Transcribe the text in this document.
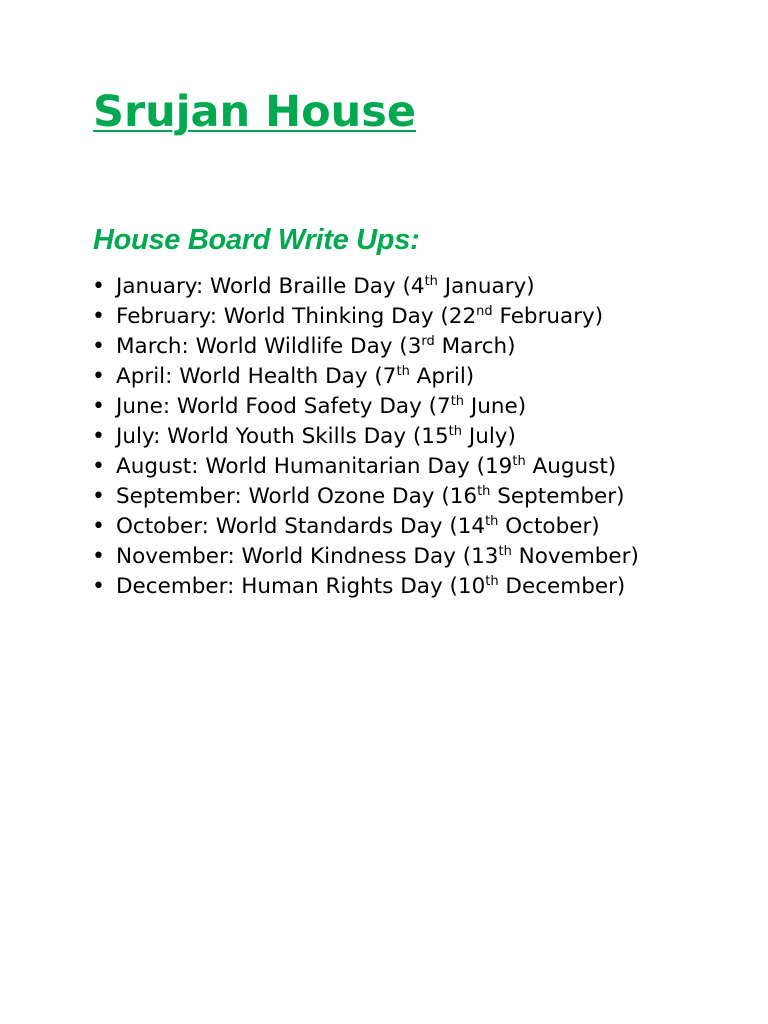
Srujan House
House Board Write Ups:
• January: World Braille Day (4th January)
• February: World Thinking Day (22nd February)
• March: World Wildlife Day (3rd March)
• April: World Health Day (7th April)
• June: World Food Safety Day (7th June)
• July: World Youth Skills Day (15th July)
• August: World Humanitarian Day (19th August)
• September: World Ozone Day (16th September)
• October: World Standards Day (14th October)
• November: World Kindness Day (13th November)
• December: Human Rights Day (10th December)
